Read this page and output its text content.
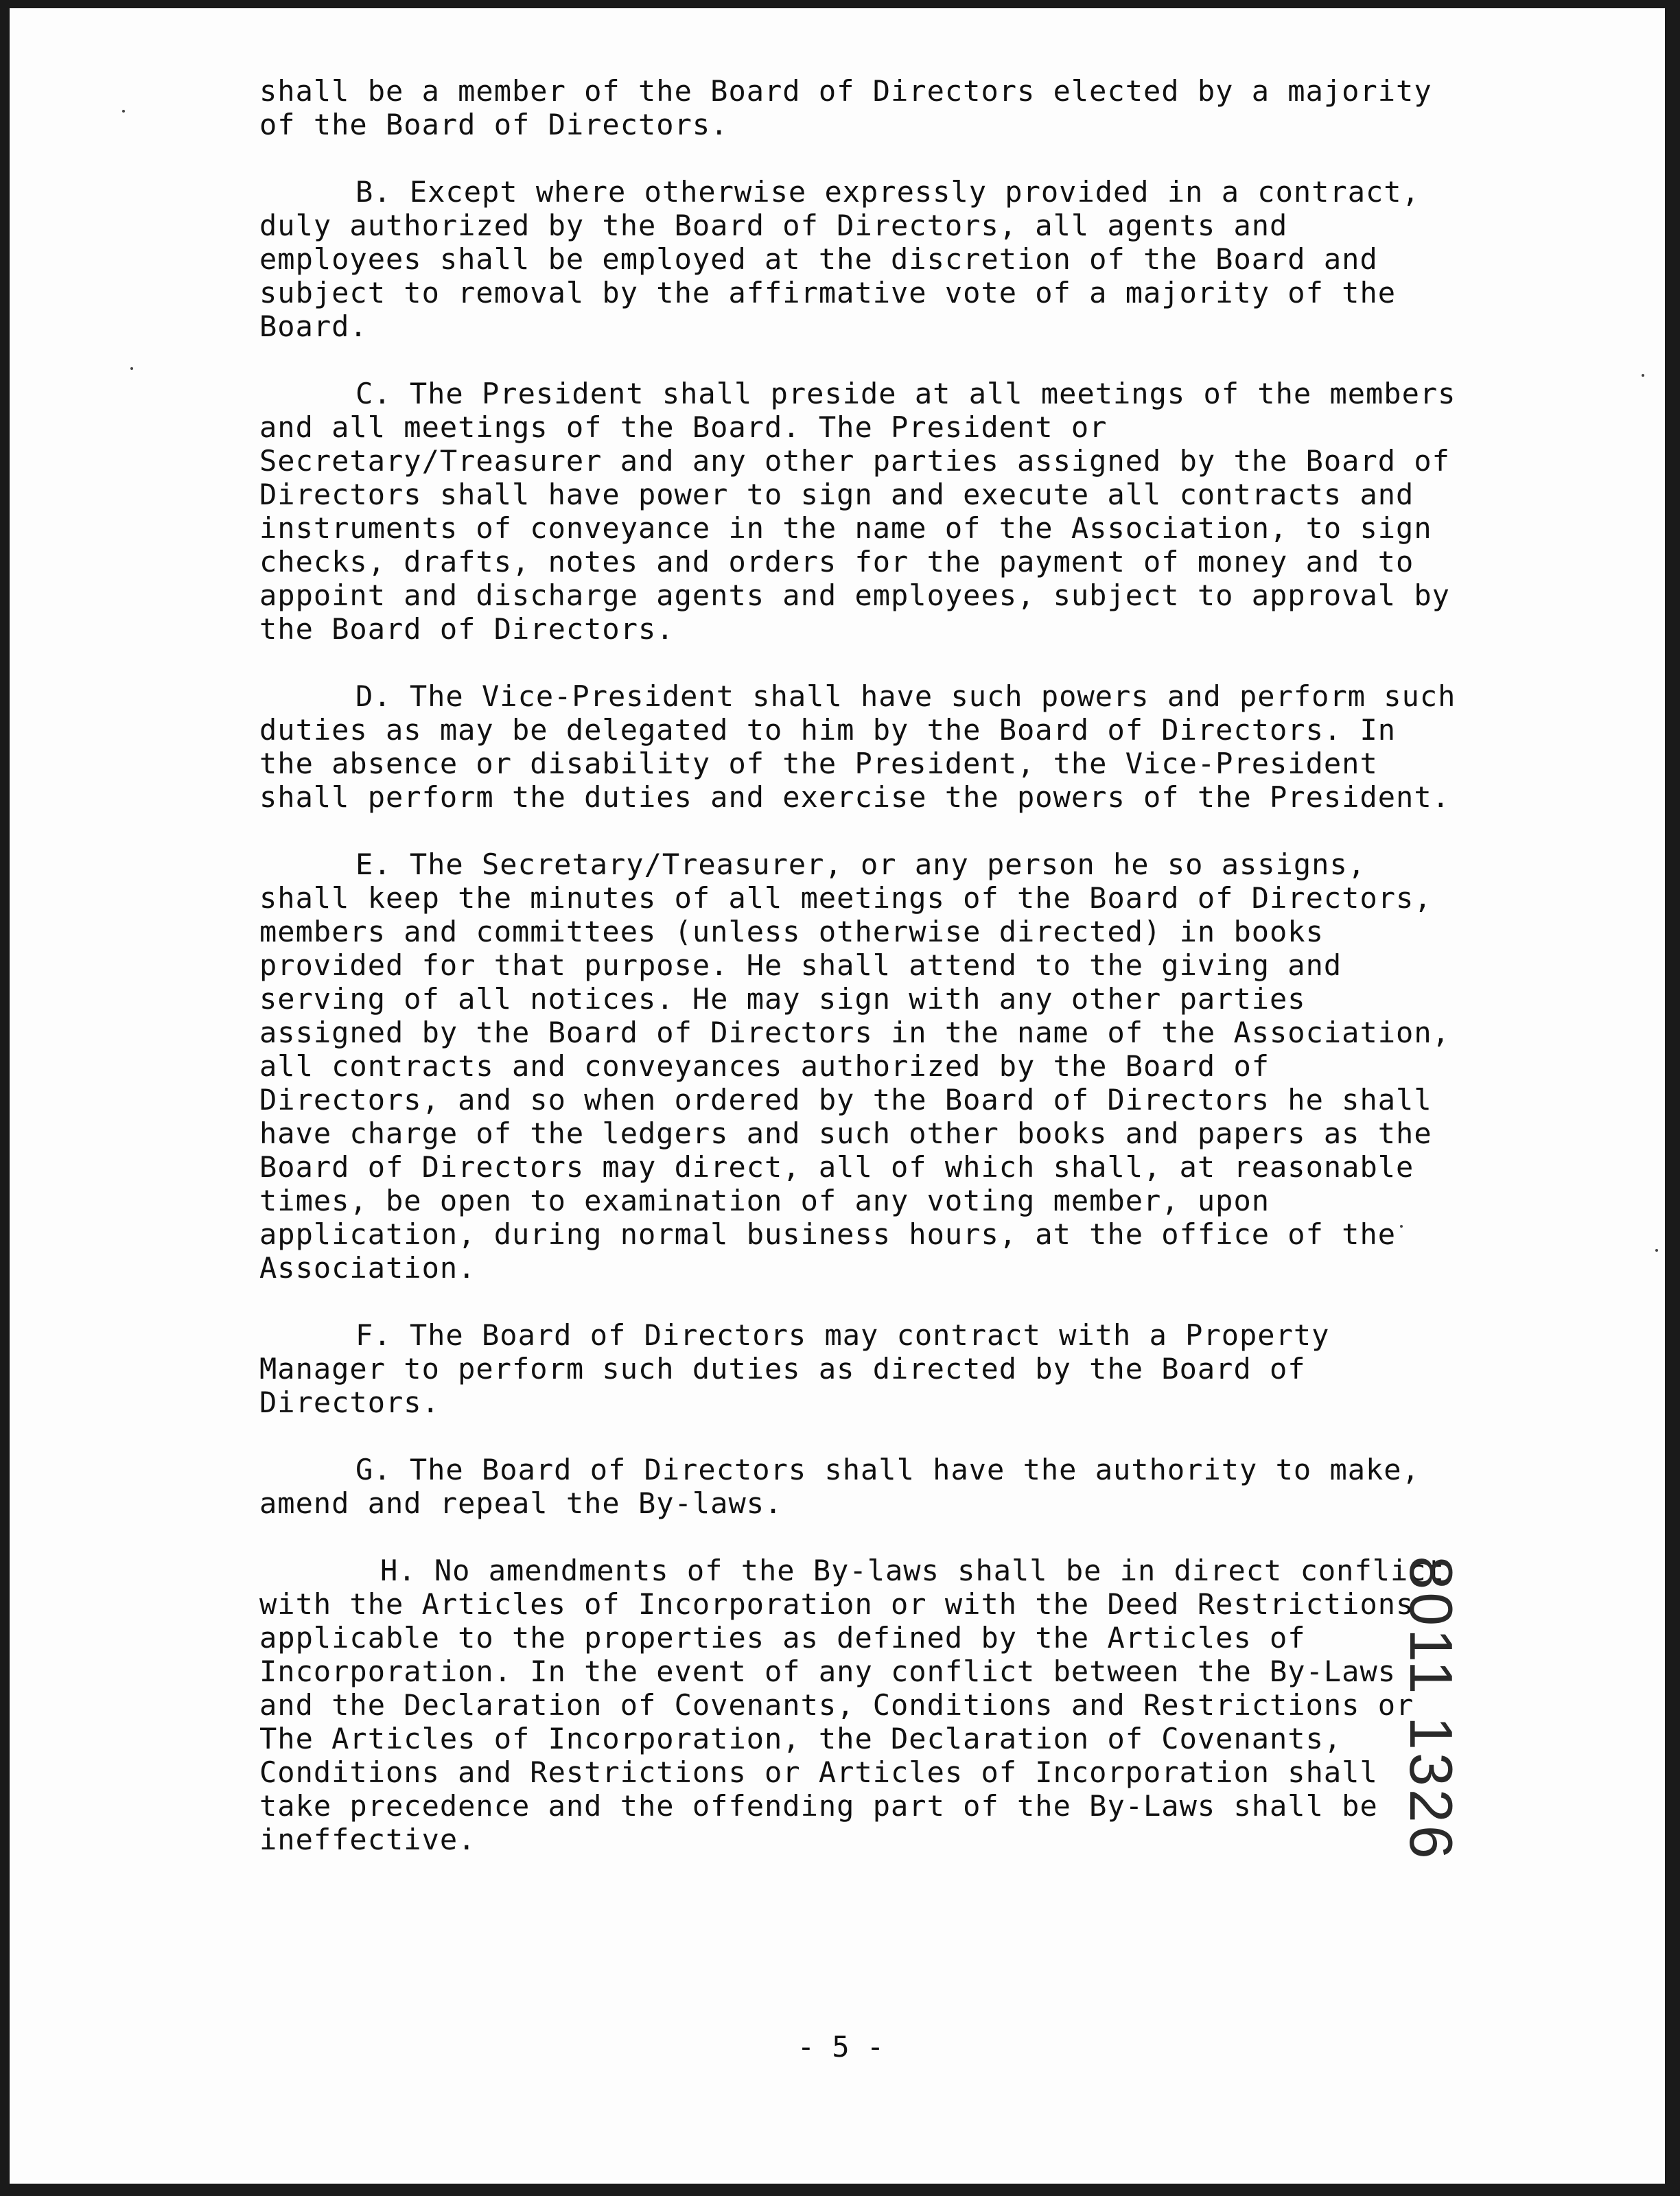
shall be a member of the Board of Directors elected by a majority of the Board of Directors.

B. Except where otherwise expressly provided in a contract, duly authorized by the Board of Directors, all agents and employees shall be employed at the discretion of the Board and subject to removal by the affirmative vote of a majority of the Board.

C. The President shall preside at all meetings of the members and all meetings of the Board. The President or Secretary/Treasurer and any other parties assigned by the Board of Directors shall have power to sign and execute all contracts and instruments of conveyance in the name of the Association, to sign checks, drafts, notes and orders for the payment of money and to appoint and discharge agents and employees, subject to approval by the Board of Directors.

D. The Vice-President shall have such powers and perform such duties as may be delegated to him by the Board of Directors. In the absence or disability of the President, the Vice-President shall perform the duties and exercise the powers of the President.

E. The Secretary/Treasurer, or any person he so assigns, shall keep the minutes of all meetings of the Board of Directors, members and committees (unless otherwise directed) in books provided for that purpose. He shall attend to the giving and serving of all notices. He may sign with any other parties assigned by the Board of Directors in the name of the Association, all contracts and conveyances authorized by the Board of Directors, and so when ordered by the Board of Directors he shall have charge of the ledgers and such other books and papers as the Board of Directors may direct, all of which shall, at reasonable times, be open to examination of any voting member, upon application, during normal business hours, at the office of the Association.

F. The Board of Directors may contract with a Property Manager to perform such duties as directed by the Board of Directors.

G. The Board of Directors shall have the authority to make, amend and repeal the By-laws.

H. No amendments of the By-laws shall be in direct conflict with the Articles of Incorporation or with the Deed Restrictions applicable to the properties as defined by the Articles of Incorporation. In the event of any conflict between the By-Laws and the Declaration of Covenants, Conditions and Restrictions or The Articles of Incorporation, the Declaration of Covenants, Conditions and Restrictions or Articles of Incorporation shall take precedence and the offending part of the By-Laws shall be ineffective.

- 5 -
8011 1326
